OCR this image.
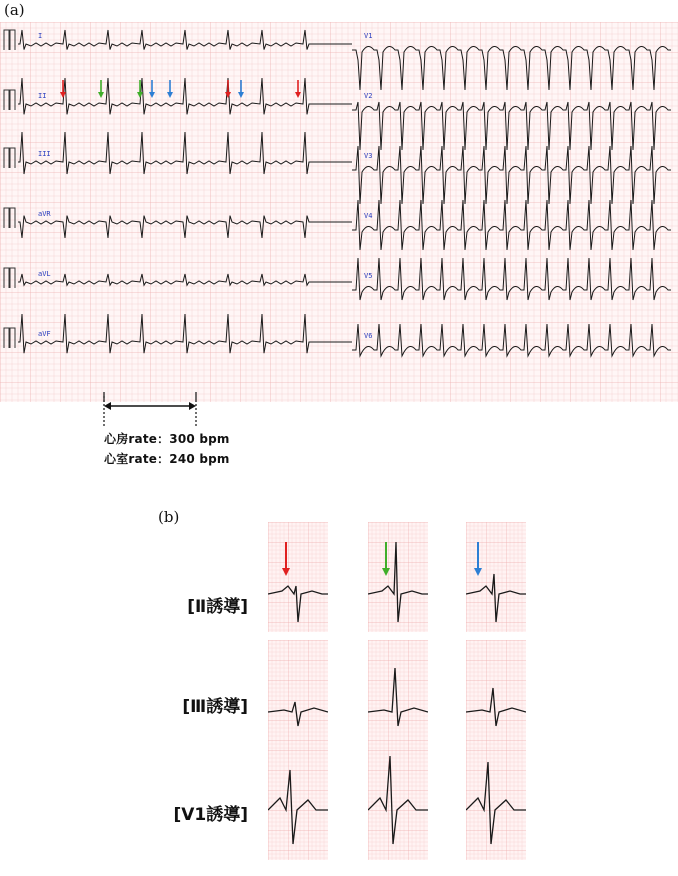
(a)
I
II
III
aVR
aVL
aVF
V1
V2
V3
V4
V5
V6
心房rate：300 bpm
心室rate：240 bpm
(b)
[Ⅱ誘導]
[Ⅲ誘導]
[V1誘導]
